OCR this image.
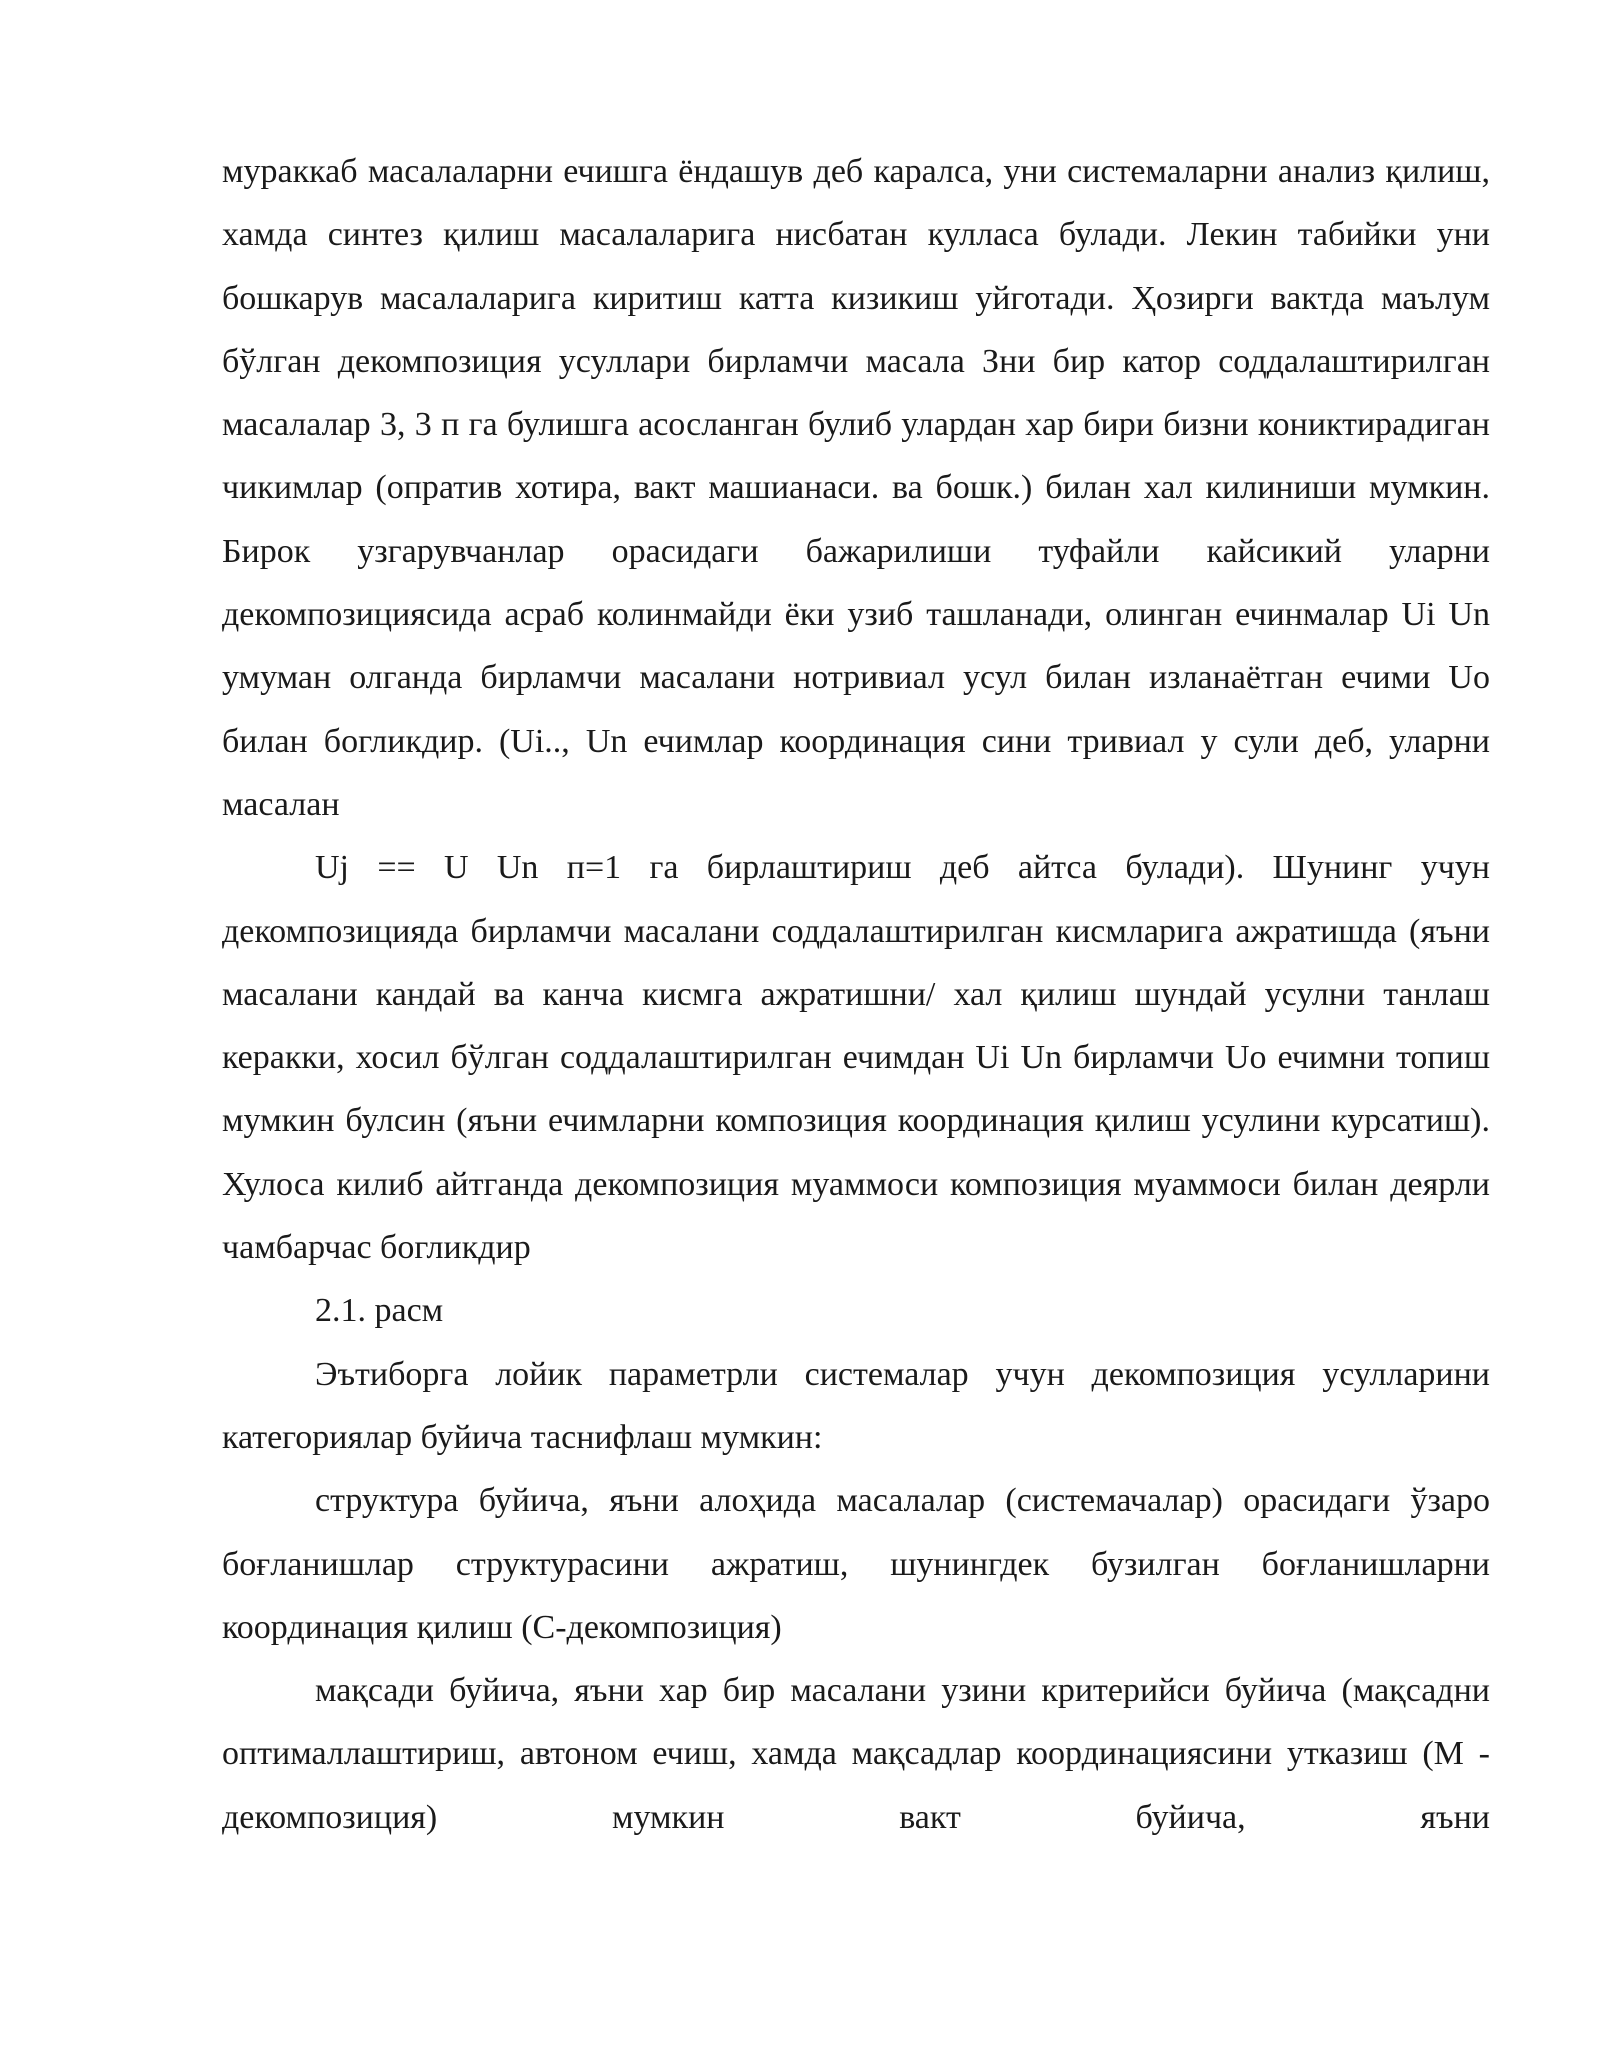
мураккаб масалаларни ечишга ёндашув деб каралса, уни системаларни анализ қилиш, хамда синтез қилиш масалаларига нисбатан кулласа булади. Лекин табийки уни бошкарув масалаларига киритиш катта кизикиш уйготади. Ҳозирги вактда маълум бўлган декомпозиция усуллари бирламчи масала Зни бир катор соддалаштирилган масалалар 3, 3 п га булишга асосланган булиб улардан хар бири бизни кониктирадиган чикимлар (опратив хотира, вакт машианаси. ва бошк.) билан хал килиниши мумкин. Бирок узгарувчанлар орасидаги бажарилиши туфайли кайсикий уларни декомпозициясида асраб колинмайди ёки узиб ташланади, олинган ечинмалар Ui Un умуман олганда бирламчи масалани нотривиал усул билан изланаётган ечими Uo билан богликдир. (Ui.., Un ечимлар координация сини тривиал у сули деб, уларни масалан

Uj == U Un п=1 га бирлаштириш деб айтса булади). Шунинг учун декомпозицияда бирламчи масалани соддалаштирилган кисмларига ажратишда (яъни масалани кандай ва канча кисмга ажратишни/ хал қилиш шундай усулни танлаш керакки, хосил бўлган соддалаштирилган ечимдан Ui Un бирламчи Uo ечимни топиш мумкин булсин (яъни ечимларни композиция координация қилиш усулини курсатиш). Хулоса килиб айтганда декомпозиция муаммоси композиция муаммоси билан деярли чамбарчас богликдир

2.1. расм

Эътиборга лойик параметрли системалар учун декомпозиция усулларини категориялар буйича таснифлаш мумкин:

структура буйича, яъни алоҳида масалалар (системачалар) орасидаги ўзаро боғланишлар структурасини ажратиш, шунингдек бузилган боғланишларни координация қилиш (С-декомпозиция)

мақсади буйича, яъни хар бир масалани узини критерийси буйича (мақсадни оптималлаштириш, автоном ечиш, хамда мақсадлар координациясини утказиш (М - декомпозиция) мумкин вакт буйича, яъни
